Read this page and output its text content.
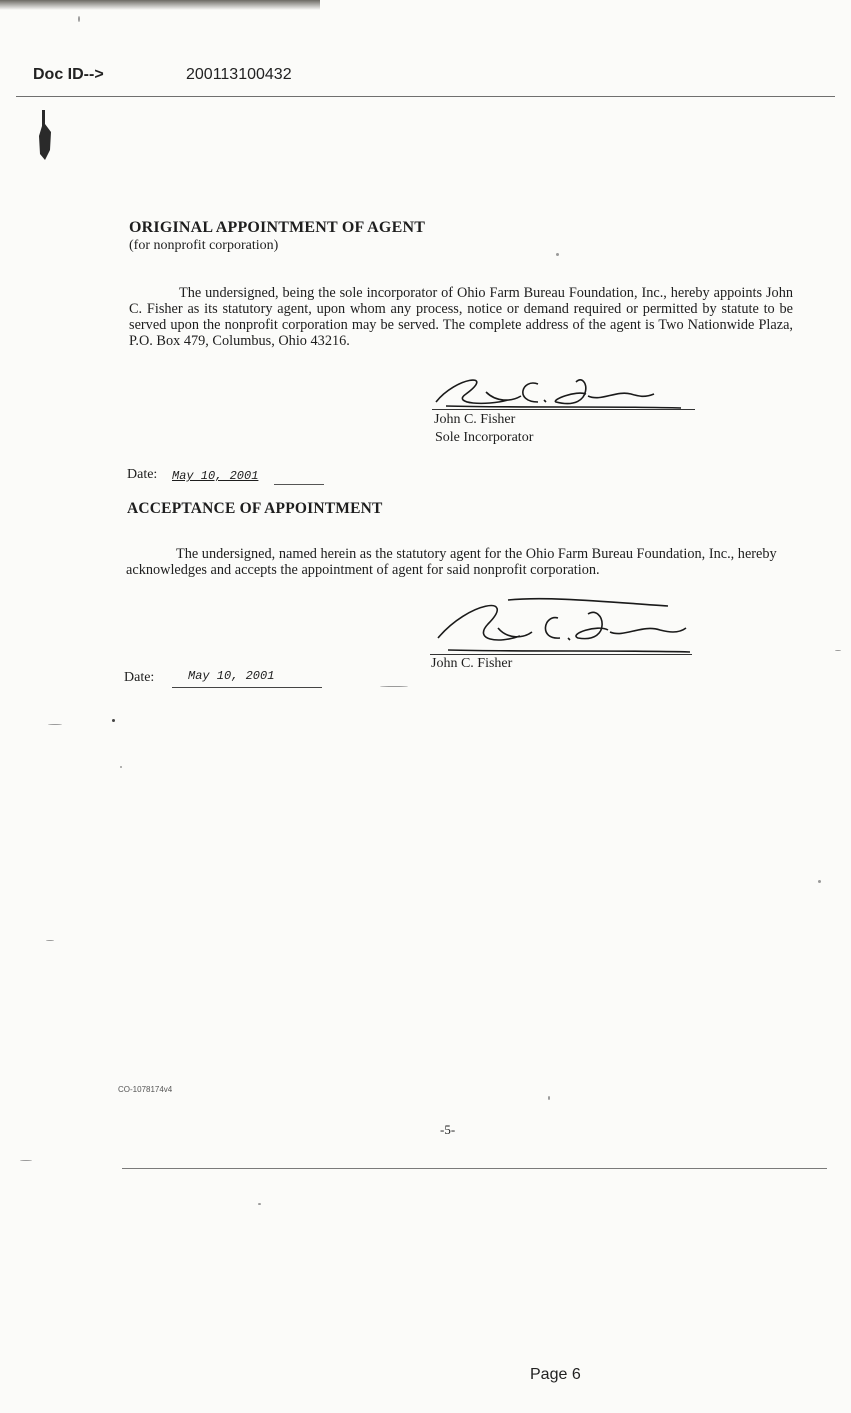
Doc ID-->	200113100432
ORIGINAL APPOINTMENT OF AGENT
(for nonprofit corporation)
The undersigned, being the sole incorporator of Ohio Farm Bureau Foundation, Inc., hereby appoints John C. Fisher as its statutory agent, upon whom any process, notice or demand required or permitted by statute to be served upon the nonprofit corporation may be served. The complete address of the agent is Two Nationwide Plaza, P.O. Box 479, Columbus, Ohio 43216.
John C. Fisher
Sole Incorporator
Date: May 10, 2001
ACCEPTANCE OF APPOINTMENT
The undersigned, named herein as the statutory agent for the Ohio Farm Bureau Foundation, Inc., hereby acknowledges and accepts the appointment of agent for said nonprofit corporation.
John C. Fisher
Date:	May 10, 2001
CO-1078174v4
-5-
Page 6
